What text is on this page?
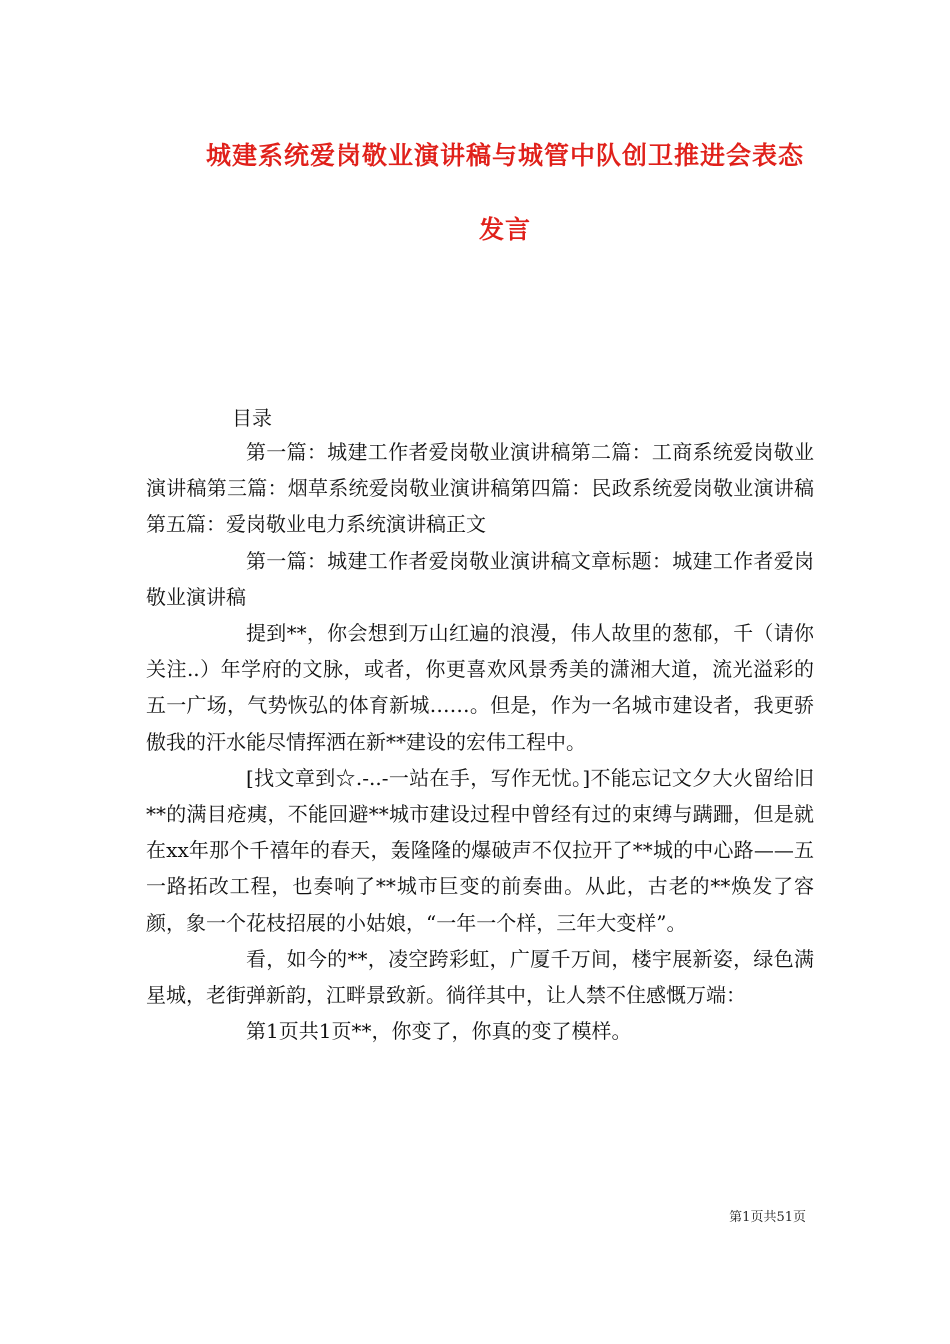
城建系统爱岗敬业演讲稿与城管中队创卫推进会表态
发言
目录

第一篇：城建工作者爱岗敬业演讲稿第二篇：工商系统爱岗敬业演讲稿第三篇：烟草系统爱岗敬业演讲稿第四篇：民政系统爱岗敬业演讲稿第五篇：爱岗敬业电力系统演讲稿正文

第一篇：城建工作者爱岗敬业演讲稿文章标题：城建工作者爱岗敬业演讲稿

提到**，你会想到万山红遍的浪漫，伟人故里的葱郁，千（请你关注..）年学府的文脉，或者，你更喜欢风景秀美的潇湘大道，流光溢彩的五一广场，气势恢弘的体育新城……。但是，作为一名城市建设者，我更骄傲我的汗水能尽情挥洒在新**建设的宏伟工程中。

[找文章到☆.-..-一站在手，写作无忧。]不能忘记文夕大火留给旧**的满目疮痍，不能回避**城市建设过程中曾经有过的束缚与蹒跚，但是就在xx年那个千禧年的春天，轰隆隆的爆破声不仅拉开了**城的中心路——五一路拓改工程，也奏响了**城市巨变的前奏曲。从此，古老的**焕发了容颜，象一个花枝招展的小姑娘，“一年一个样，三年大变样”。

看，如今的**，凌空跨彩虹，广厦千万间，楼宇展新姿，绿色满星城，老街弹新韵，江畔景致新。徜徉其中，让人禁不住感慨万端：

第1页共1页**，你变了，你真的变了模样。

第1页共51页
